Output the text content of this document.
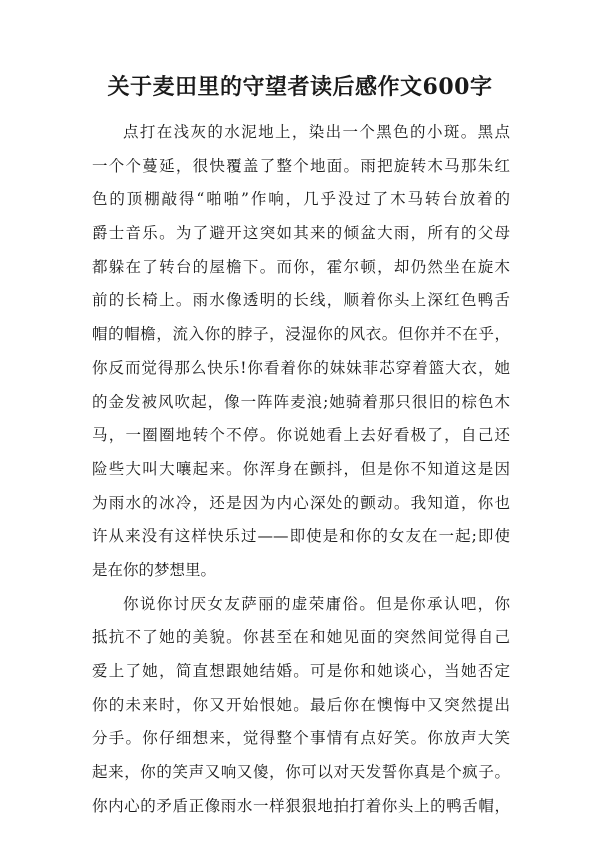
关于麦田里的守望者读后感作文600字
点打在浅灰的水泥地上，染出一个黑色的小斑。黑点
一个个蔓延，很快覆盖了整个地面。雨把旋转木马那朱红
色的顶棚敲得“啪啪”作响，几乎没过了木马转台放着的
爵士音乐。为了避开这突如其来的倾盆大雨，所有的父母
都躲在了转台的屋檐下。而你，霍尔顿，却仍然坐在旋木
前的长椅上。雨水像透明的长线，顺着你头上深红色鸭舌
帽的帽檐，流入你的脖子，浸湿你的风衣。但你并不在乎，
你反而觉得那么快乐!你看着你的妹妹菲芯穿着篮大衣，她
的金发被风吹起，像一阵阵麦浪;她骑着那只很旧的棕色木
马，一圈圈地转个不停。你说她看上去好看极了，自己还
险些大叫大嚷起来。你浑身在颤抖，但是你不知道这是因
为雨水的冰冷，还是因为内心深处的颤动。我知道，你也
许从来没有这样快乐过——即使是和你的女友在一起;即使
是在你的梦想里。
你说你讨厌女友萨丽的虚荣庸俗。但是你承认吧，你
抵抗不了她的美貌。你甚至在和她见面的突然间觉得自己
爱上了她，简直想跟她结婚。可是你和她谈心，当她否定
你的未来时，你又开始恨她。最后你在懊悔中又突然提出
分手。你仔细想来，觉得整个事情有点好笑。你放声大笑
起来，你的笑声又响又傻，你可以对天发誓你真是个疯子。
你内心的矛盾正像雨水一样狠狠地拍打着你头上的鸭舌帽，
